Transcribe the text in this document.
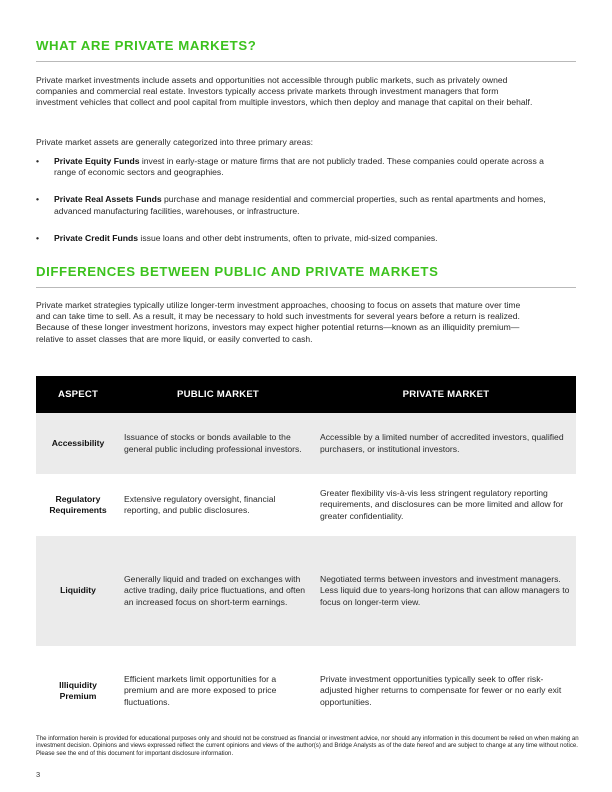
WHAT ARE PRIVATE MARKETS?

Private market investments include assets and opportunities not accessible through public markets, such as privately owned companies and commercial real estate. Investors typically access private markets through investment managers that form investment vehicles that collect and pool capital from multiple investors, which then deploy and manage that capital on their behalf.

Private market assets are generally categorized into three primary areas:

• Private Equity Funds invest in early-stage or mature firms that are not publicly traded. These companies could operate across a range of economic sectors and geographies.
• Private Real Assets Funds purchase and manage residential and commercial properties, such as rental apartments and homes, advanced manufacturing facilities, warehouses, or infrastructure.
• Private Credit Funds issue loans and other debt instruments, often to private, mid-sized companies.
DIFFERENCES BETWEEN PUBLIC AND PRIVATE MARKETS

Private market strategies typically utilize longer-term investment approaches, choosing to focus on assets that mature over time and can take time to sell. As a result, it may be necessary to hold such investments for several years before a return is realized. Because of these longer investment horizons, investors may expect higher potential returns—known as an illiquidity premium—relative to asset classes that are more liquid, or easily converted to cash.

ASPECT	PUBLIC MARKET	PRIVATE MARKET
Accessibility	Issuance of stocks or bonds available to the general public including professional investors.	Accessible by a limited number of accredited investors, qualified purchasers, or institutional investors.
Regulatory Requirements	Extensive regulatory oversight, financial reporting, and public disclosures.	Greater flexibility vis-à-vis less stringent regulatory reporting requirements, and disclosures can be more limited and allow for greater confidentiality.
Liquidity	Generally liquid and traded on exchanges with active trading, daily price fluctuations, and often an increased focus on short-term earnings.	Negotiated terms between investors and investment managers. Less liquid due to years-long horizons that can allow managers to focus on longer-term view.
Illiquidity Premium	Efficient markets limit opportunities for a premium and are more exposed to price fluctuations.	Private investment opportunities typically seek to offer risk-adjusted higher returns to compensate for fewer or no early exit opportunities.

The information herein is provided for educational purposes only and should not be construed as financial or investment advice, nor should any information in this document be relied on when making an investment decision. Opinions and views expressed reflect the current opinions and views of the author(s) and Bridge Analysts as of the date hereof and are subject to change at any time without notice. Please see the end of this document for important disclosure information.

3
